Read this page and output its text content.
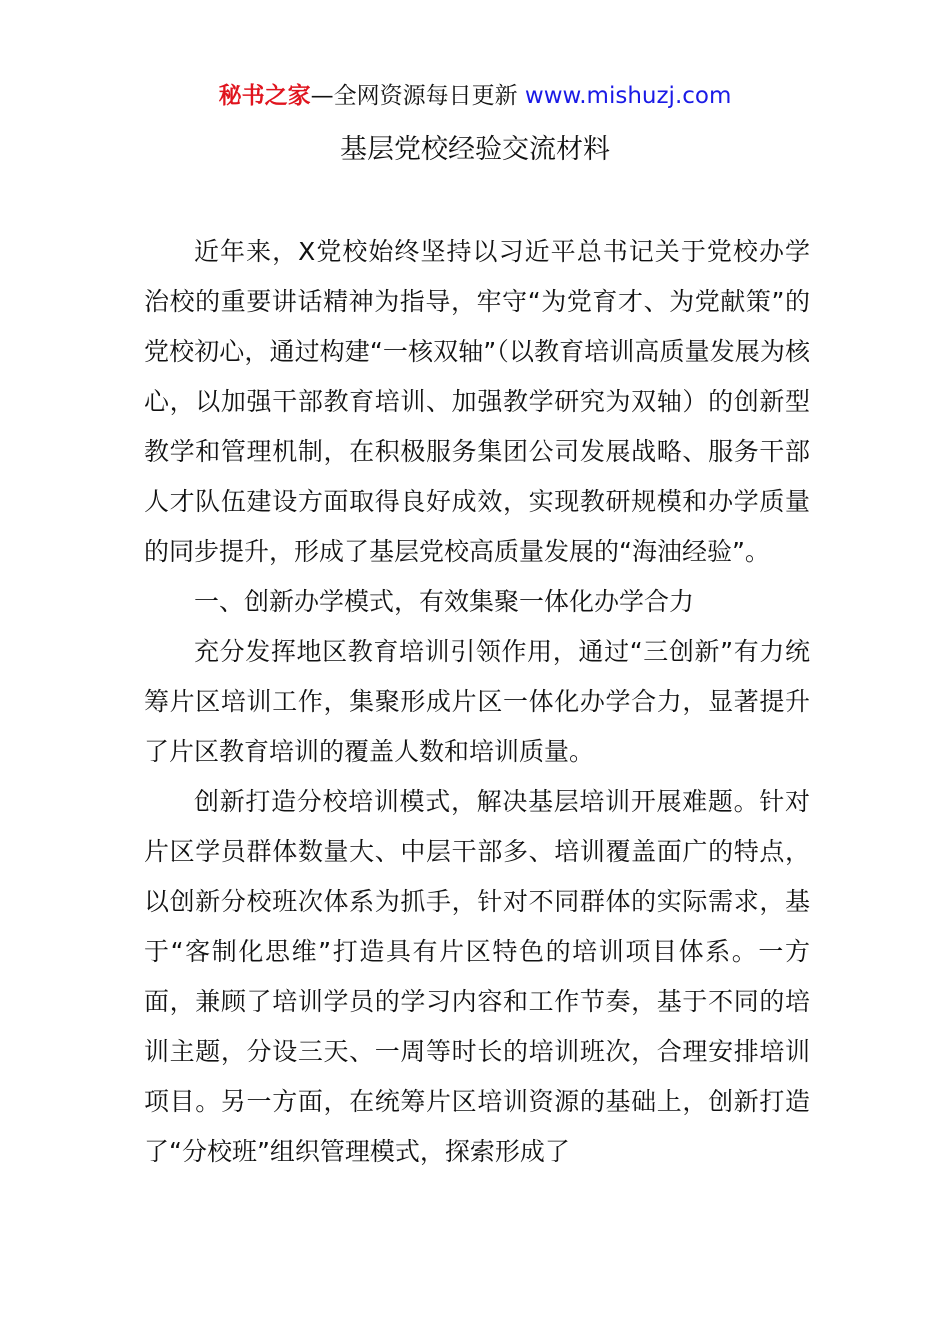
秘书之家—全网资源每日更新 www.mishuzj.com
基层党校经验交流材料

近年来，X党校始终坚持以习近平总书记关于党校办学治校的重要讲话精神为指导，牢守“为党育才、为党献策”的党校初心，通过构建“一核双轴”（以教育培训高质量发展为核心，以加强干部教育培训、加强教学研究为双轴）的创新型教学和管理机制，在积极服务集团公司发展战略、服务干部人才队伍建设方面取得良好成效，实现教研规模和办学质量的同步提升，形成了基层党校高质量发展的“海油经验”。

一、创新办学模式，有效集聚一体化办学合力

充分发挥地区教育培训引领作用，通过“三创新”有力统筹片区培训工作，集聚形成片区一体化办学合力，显著提升了片区教育培训的覆盖人数和培训质量。

创新打造分校培训模式，解决基层培训开展难题。针对片区学员群体数量大、中层干部多、培训覆盖面广的特点，以创新分校班次体系为抓手，针对不同群体的实际需求，基于“客制化思维”打造具有片区特色的培训项目体系。一方面，兼顾了培训学员的学习内容和工作节奏，基于不同的培训主题，分设三天、一周等时长的培训班次，合理安排培训项目。另一方面，在统筹片区培训资源的基础上，创新打造了“分校班”组织管理模式，探索形成了
